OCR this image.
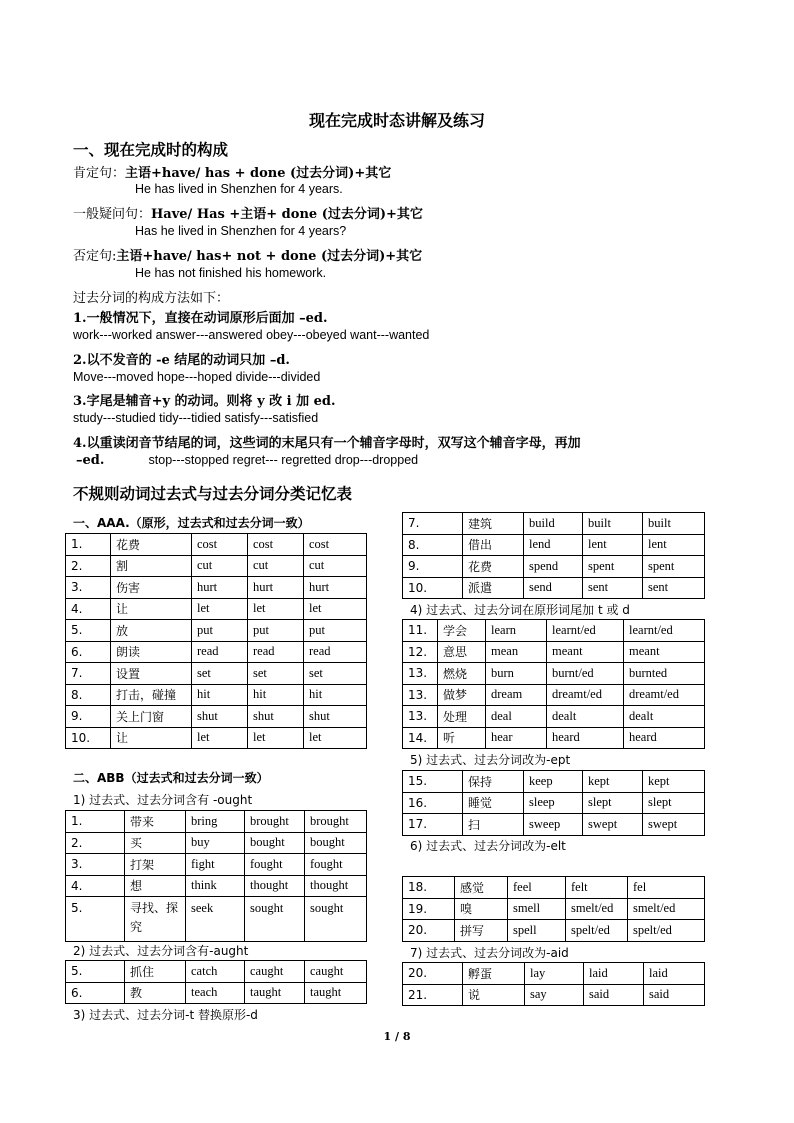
现在完成时态讲解及练习
一、现在完成时的构成
肯定句：主语+have/ has + done (过去分词)+其它
He has lived in Shenzhen for 4 years.
一般疑问句：Have/ Has +主语+ done (过去分词)+其它
Has he lived in Shenzhen for 4 years?
否定句:主语+have/ has+ not + done (过去分词)+其它
He has not finished his homework.
过去分词的构成方法如下：
1.一般情况下，直接在动词原形后面加 –ed.
work---worked answer---answered obey---obeyed want---wanted
2.以不发音的 -e 结尾的动词只加 –d.
Move---moved hope---hoped divide---divided
3.字尾是辅音+y 的动词。则将 y 改 i 加 ed.
study---studied tidy---tidied satisfy---satisfied
4.以重读闭音节结尾的词，这些词的末尾只有一个辅音字母时，双写这个辅音字母，再加
–ed.	stop---stopped regret--- regretted drop---dropped
不规则动词过去式与过去分词分类记忆表
一、AAA.（原形，过去式和过去分词一致）
1.	花费	cost	cost	cost
2.	割	cut	cut	cut
3.	伤害	hurt	hurt	hurt
4.	让	let	let	let
5.	放	put	put	put
6.	朗读	read	read	read
7.	设置	set	set	set
8.	打击，碰撞	hit	hit	hit
9.	关上门窗	shut	shut	shut
10.	让	let	let	let
二、ABB（过去式和过去分词一致）
1) 过去式、过去分词含有 -ought
1.	带来	bring	brought	brought
2.	买	buy	bought	bought
3.	打架	fight	fought	fought
4.	想	think	thought	thought
5.	寻找、探究	seek	sought	sought
2) 过去式、过去分词含有-aught
5.	抓住	catch	caught	caught
6.	教	teach	taught	taught
3) 过去式、过去分词-t 替换原形-d
7.	建筑	build	built	built
8.	借出	lend	lent	lent
9.	花费	spend	spent	spent
10.	派遣	send	sent	sent
4) 过去式、过去分词在原形词尾加 t 或 d
11.	学会	learn	learnt/ed	learnt/ed
12.	意思	mean	meant	meant
13.	燃烧	burn	burnt/ed	burnted
13.	做梦	dream	dreamt/ed	dreamt/ed
13.	处理	deal	dealt	dealt
14.	听	hear	heard	heard
5) 过去式、过去分词改为-ept
15.	保持	keep	kept	kept
16.	睡觉	sleep	slept	slept
17.	扫	sweep	swept	swept
6) 过去式、过去分词改为-elt
18.	感觉	feel	felt	fel
19.	嗅	smell	smelt/ed	smelt/ed
20.	拼写	spell	spelt/ed	spelt/ed
7) 过去式、过去分词改为-aid
20.	孵蛋	lay	laid	laid
21.	说	say	said	said
1 / 8
